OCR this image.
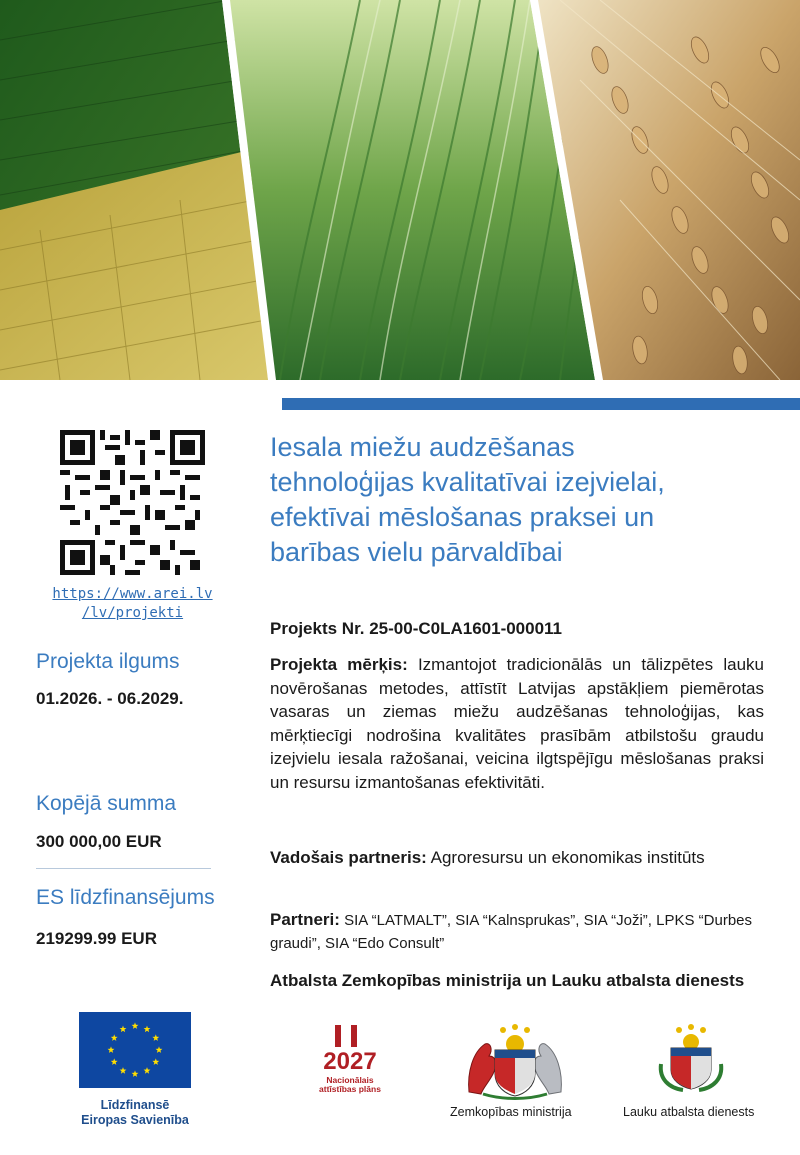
https://www.arei.lv
/lv/projekti
Projekta ilgums
01.2026. - 06.2029.
Kopējā summa
300 000,00 EUR
ES līdzfinansējums
219299.99 EUR
Iesala miežu audzēšanas
tehnoloģijas kvalitatīvai izejvielai,
efektīvai mēslošanas praksei un
barības vielu pārvaldībai
Projekts Nr. 25-00-C0LA1601-000011
Projekta mērķis: Izmantojot tradicionālās un tālizpētes lauku novērošanas metodes, attīstīt Latvijas apstākļiem piemērotas vasaras un ziemas miežu audzēšanas tehnoloģijas, kas mērķtiecīgi nodrošina kvalitātes prasībām atbilstošu graudu izejvielu iesala ražošanai, veicina ilgtspējīgu mēslošanas praksi un resursu izmantošanas efektivitāti.
Vadošais partneris: Agroresursu un ekonomikas institūts
Partneri: SIA “LATMALT”, SIA “Kalnsprukas”, SIA “Joži”, LPKS “Durbes graudi”, SIA “Edo Consult”
Atbalsta Zemkopības ministrija un Lauku atbalsta dienests
Līdzfinansē
Eiropas Savienība
2027
Nacionālais
attīstības plāns
Zemkopības ministrija	Lauku atbalsta dienests
